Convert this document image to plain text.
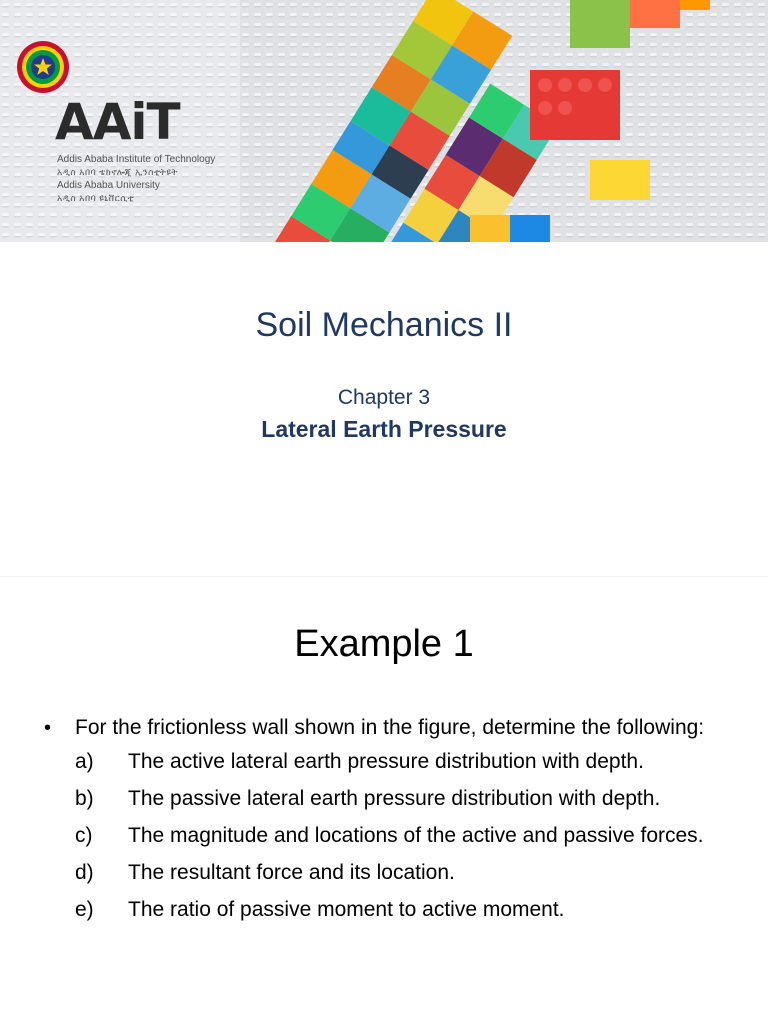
AAiT
Addis Ababa Institute of Technology
አዲስ አበባ ቴክኖሎጂ ኢንስቲትዩት
Addis Ababa University
አዲስ አበባ ዩኒቨርሲቲ
Soil Mechanics II
Chapter 3
Lateral Earth Pressure
Example 1
• For the frictionless wall shown in the figure, determine the following:
a) The active lateral earth pressure distribution with depth.
b) The passive lateral earth pressure distribution with depth.
c) The magnitude and locations of the active and passive forces.
d) The resultant force and its location.
e) The ratio of passive moment to active moment.
